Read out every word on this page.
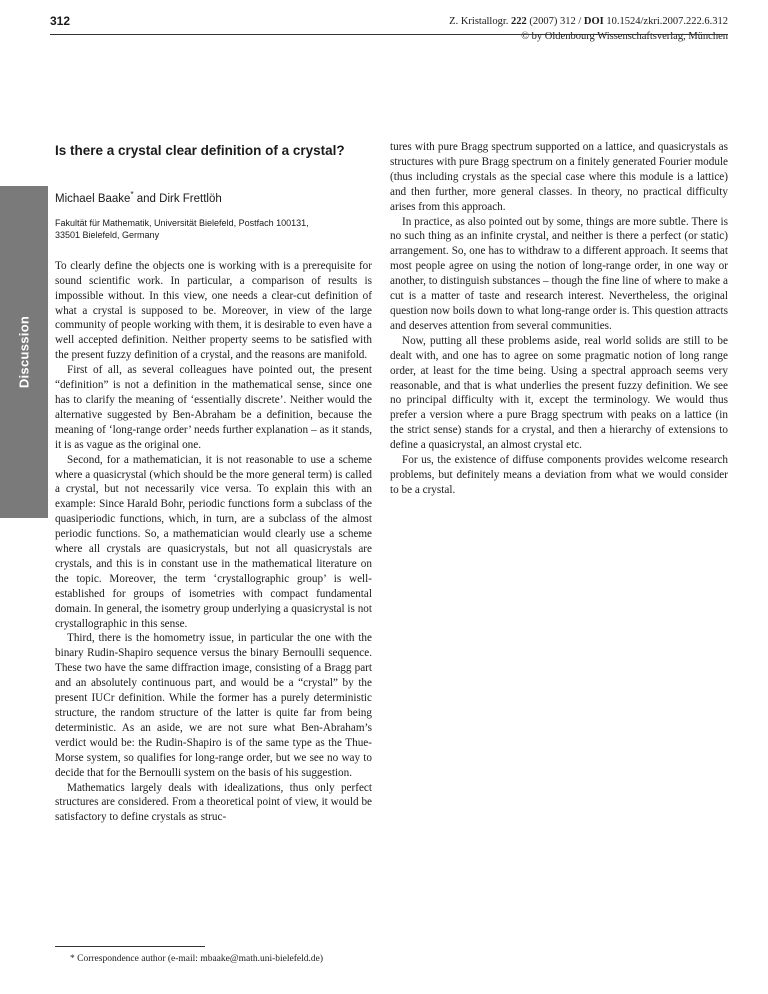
312	Z. Kristallogr. 222 (2007) 312 / DOI 10.1524/zkri.2007.222.6.312
© by Oldenbourg Wissenschaftsverlag, München
Discussion
Is there a crystal clear definition of a crystal?
Michael Baake* and Dirk Frettlöh
Fakultät für Mathematik, Universität Bielefeld, Postfach 100131,
33501 Bielefeld, Germany

To clearly define the objects one is working with is a prerequisite for sound scientific work. In particular, a comparison of results is impossible without. In this view, one needs a clear-cut definition of what a crystal is supposed to be. Moreover, in view of the large community of people working with them, it is desirable to even have a well accepted definition. Neither property seems to be satisfied with the present fuzzy definition of a crystal, and the reasons are manifold.

First of all, as several colleagues have pointed out, the present “definition” is not a definition in the mathematical sense, since one has to clarify the meaning of ‘essentially discrete’. Neither would the alternative suggested by Ben-Abraham be a definition, because the meaning of ‘long-range order’ needs further explanation – as it stands, it is as vague as the original one.

Second, for a mathematician, it is not reasonable to use a scheme where a quasicrystal (which should be the more general term) is called a crystal, but not necessarily vice versa. To explain this with an example: Since Harald Bohr, periodic functions form a subclass of the quasiperiodic functions, which, in turn, are a subclass of the almost periodic functions. So, a mathematician would clearly use a scheme where all crystals are quasicrystals, but not all quasicrystals are crystals, and this is in constant use in the mathematical literature on the topic. Moreover, the term ‘crystallographic group’ is well-established for groups of isometries with compact fundamental domain. In general, the isometry group underlying a quasicrystal is not crystallographic in this sense.

Third, there is the homometry issue, in particular the one with the binary Rudin-Shapiro sequence versus the binary Bernoulli sequence. These two have the same diffraction image, consisting of a Bragg part and an absolutely continuous part, and would be a “crystal” by the present IUCr definition. While the former has a purely deterministic structure, the random structure of the latter is quite far from being deterministic. As an aside, we are not sure what Ben-Abraham’s verdict would be: the Rudin-Shapiro is of the same type as the Thue-Morse system, so qualifies for long-range order, but we see no way to decide that for the Bernoulli system on the basis of his suggestion.

Mathematics largely deals with idealizations, thus only perfect structures are considered. From a theoretical point of view, it would be satisfactory to define crystals as struc-

tures with pure Bragg spectrum supported on a lattice, and quasicrystals as structures with pure Bragg spectrum on a finitely generated Fourier module (thus including crystals as the special case where this module is a lattice) and then further, more general classes. In theory, no practical difficulty arises from this approach.

In practice, as also pointed out by some, things are more subtle. There is no such thing as an infinite crystal, and neither is there a perfect (or static) arrangement. So, one has to withdraw to a different approach. It seems that most people agree on using the notion of long-range order, in one way or another, to distinguish substances – though the fine line of where to make a cut is a matter of taste and research interest. Nevertheless, the original question now boils down to what long-range order is. This question attracts and deserves attention from several communities.

Now, putting all these problems aside, real world solids are still to be dealt with, and one has to agree on some pragmatic notion of long range order, at least for the time being. Using a spectral approach seems very reasonable, and that is what underlies the present fuzzy definition. We see no principal difficulty with it, except the terminology. We would thus prefer a version where a pure Bragg spectrum with peaks on a lattice (in the strict sense) stands for a crystal, and then a hierarchy of extensions to define a quasicrystal, an almost crystal etc.

For us, the existence of diffuse components provides welcome research problems, but definitely means a deviation from what we would consider to be a crystal.

* Correspondence author (e-mail: mbaake@math.uni-bielefeld.de)
